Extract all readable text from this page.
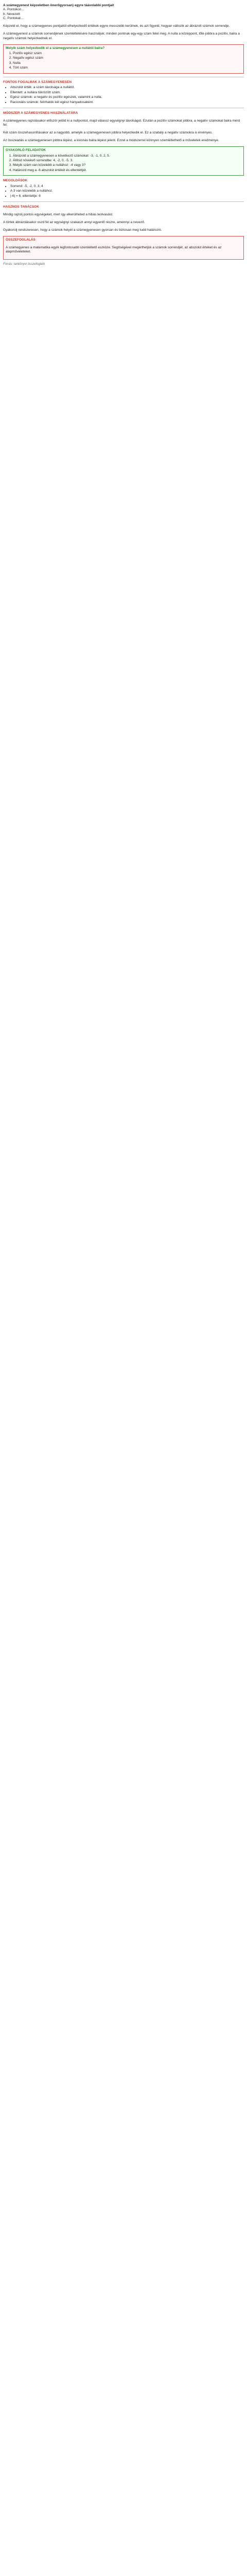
A számegyenest képzeletben önerőgyorsan) egyre táávolabbi pontjait
A. Pontokon...
b. Nevezett
C. Pontokat...

Képzeld el, hogy a számegyenes pontjaitól elhelyezkedő értékek egyre messzebb kerülnek, és azt figyeld, hogyan változik az ábrázolt számok sorrendje.

A számegyenest a számok sorrendjének szemléltetésére használjuk; minden pontnak egy-egy szám felel meg. A nulla a középpont, tőle jobbra a pozitív, balra a negatív számok helyezkednek el.

Melyik szám helyezkedik el a számegyenesen a nullától balra?
1. Pozitív egész szám
2. Negatív egész szám
3. Nulla
4. Tört szám
FONTOS FOGALMAK A SZÁMEGYENESEN
• Abszolút érték: a szám távolsága a nullától.
• Ellentett: a nullára tükrözött szám.
• Egész számok: a negatív és pozitív egészek, valamint a nulla.
• Racionális számok: felírhatók két egész hányadosaként.
MÓDSZER A SZÁMEGYENES HASZNÁLATÁRA

A számegyenes rajzolásakor először jelöld ki a nullpontot, majd válassz egységnyi távolságot. Ezután a pozitív számokat jobbra, a negatív számokat balra mérd fel.

Két szám összehasonlításakor az a nagyobb, amelyik a számegyenesen jobbra helyezkedik el. Ez a szabály a negatív számokra is érvényes.

Az összeadás a számegyenesen jobbra lépést, a kivonás balra lépést jelent. Ezzel a módszerrel könnyen szemléltethető a műveletek eredménye.

GYAKORLÓ FELADATOK
1. Ábrázold a számegyenesen a következő számokat: -3, -1, 0, 2, 5.
2. Állítsd növekvő sorrendbe: 4, -2, 0, -5, 3.
3. Melyik szám van közelebb a nullához: -4 vagy 3?
4. Határozd meg a -6 abszolút értékét és ellentettjét.
MEGOLDÁSOK
• Sorrend: -5, -2, 0, 3, 4
• A 3 van közelebb a nullához.
• |-6| = 6, ellentettje: 6
HASZNOS TANÁCSOK

Mindig rajzolj pontos egységeket, mert így elkerülheted a hibás leolvasást.

A törtek ábrázolásakor oszd fel az egységnyi szakaszt annyi egyenlő részre, amennyi a nevező.

Gyakorolj rendszeresen, hogy a számok helyét a számegyenesen gyorsan és biztosan meg tudd határozni.

ÖSSZEFOGLALÁS

A számegyenes a matematika egyik legfontosabb szemléltető eszköze. Segítségével megérthetjük a számok sorrendjét, az abszolút értéket és az alapműveleteket.

Forrás: tankönyvi összefoglaló
